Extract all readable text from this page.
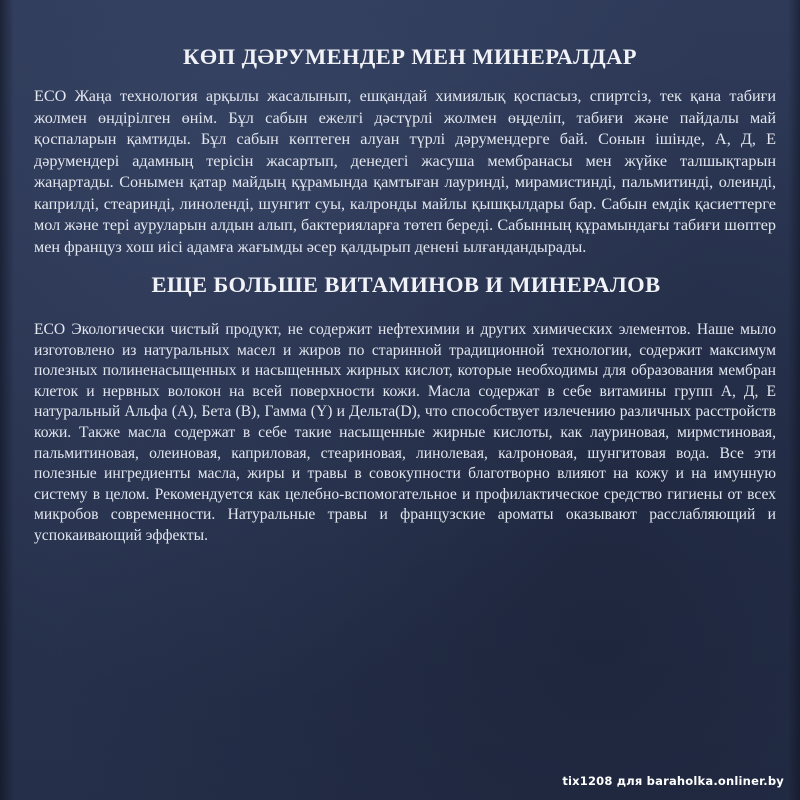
КӨП ДӘРУМЕНДЕР МЕН МИНЕРАЛДАР

ЕСО Жаңа технология арқылы жасалынып, ешқандай химиялық қоспасыз, спиртсіз, тек қана табиғи жолмен өндірілген өнім. Бұл сабын ежелгі дәстүрлі жолмен өңделіп, табиғи және пайдалы май қоспаларын қамтиды. Бұл сабын көптеген алуан түрлі дәрумендерге бай. Сонын ішінде, А, Д, Е дәрумендері адамның терісін жасартып, денедегі жасуша мембранасы мен жүйке талшықтарын жаңартады. Сонымен қатар майдың құрамында қамтыған лауринді, мирамистинді, пальмитинді, олеинді, каприлді, стеаринді, линоленді, шунгит суы, калронды майлы қышқылдары бар. Сабын емдік қасиеттерге мол және тері ауруларын алдын алып, бактерияларға төтеп береді. Сабынның құрамындағы табиғи шөптер мен француз хош иісі адамға жағымды әсер қалдырып денені ылғандандырады.

ЕЩЕ БОЛЬШЕ ВИТАМИНОВ И МИНЕРАЛОВ

ЕСО Экологически чистый продукт, не содержит нефтехимии и других химических элементов. Наше мыло изготовлено из натуральных масел и жиров по старинной традиционной технологии, содержит максимум полезных полиненасыщенных и насыщенных жирных кислот, которые необходимы для образования мембран клеток и нервных волокон на всей поверхности кожи. Масла содержат в себе витамины групп А, Д, Е натуральный Альфа (А), Бета (В), Гамма (Y) и Дельта(D), что способствует излечению различных расстройств кожи. Также масла содержат в себе такие насыщенные жирные кислоты, как лауриновая, мирмстиновая, пальмитиновая, олеиновая, каприловая, стеариновая, линолевая, калроновая, шунгитовая вода. Все эти полезные ингредиенты масла, жиры и травы в совокупности благотворно влияют на кожу и на имунную систему в целом. Рекомендуется как целебно-вспомогательное и профилактическое средство гигиены от всех микробов современности. Натуральные травы и французские ароматы оказывают расслабляющий и успокаивающий эффекты.

tix1208 для baraholka.onliner.by
